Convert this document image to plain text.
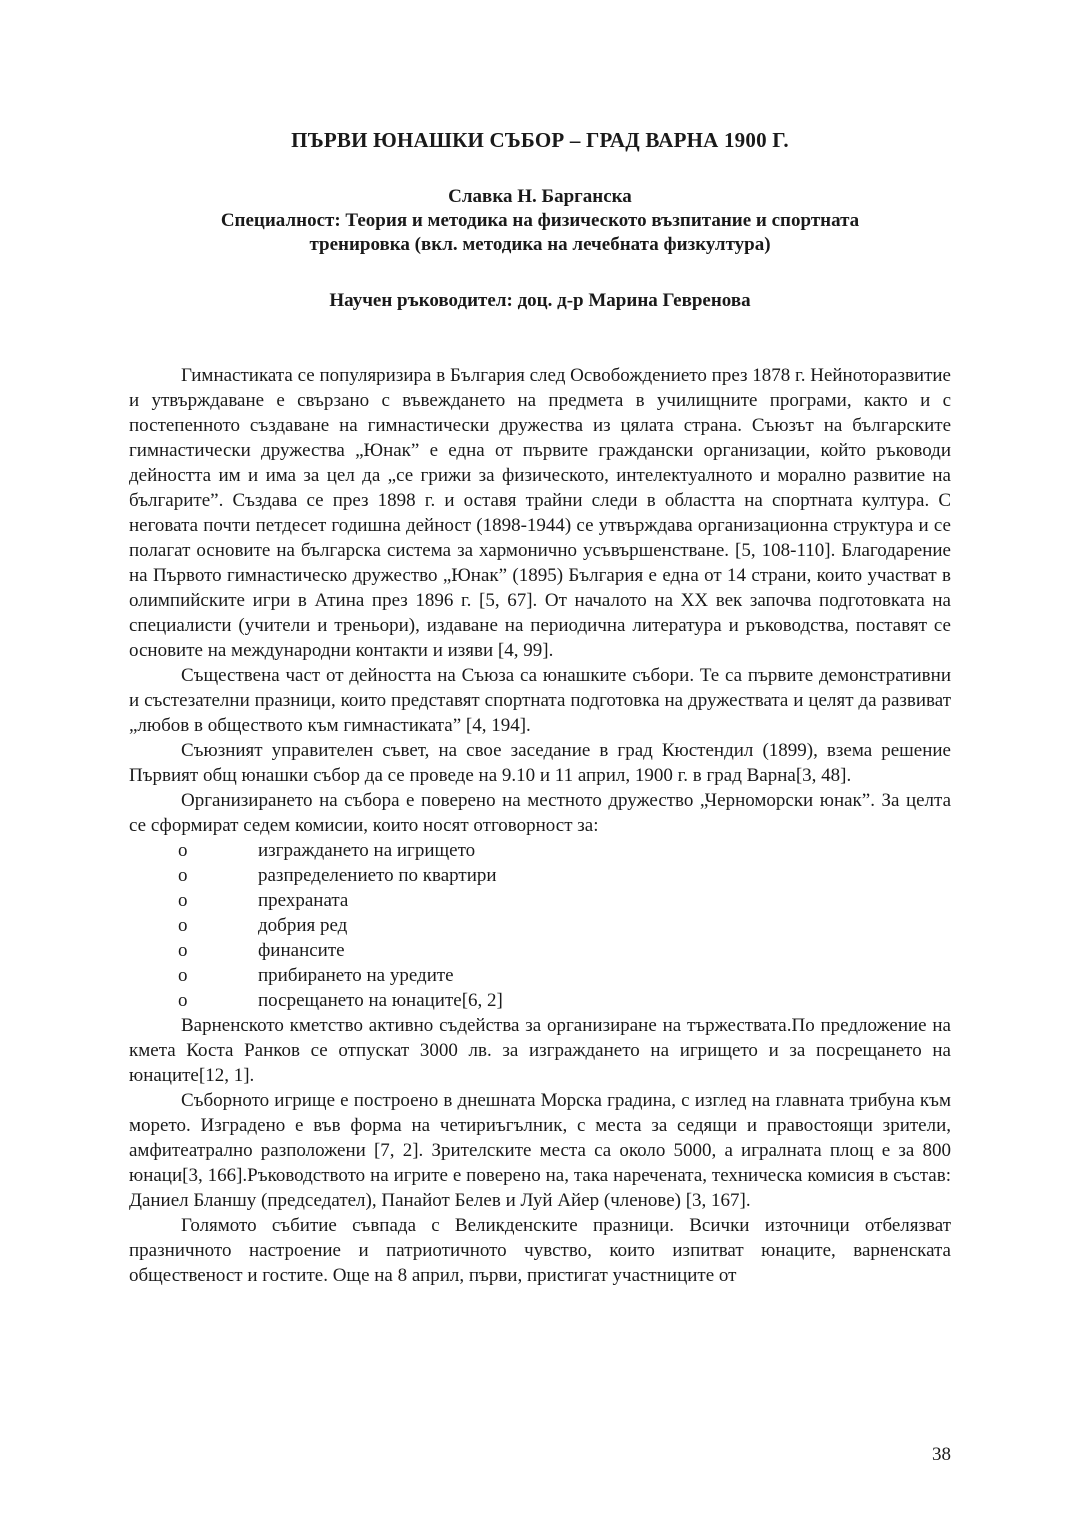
ПЪРВИ ЮНАШКИ СЪБОР – ГРАД ВАРНА 1900 Г.
Славка Н. Барганска
Специалност: Теория и методика на физическото възпитание и спортната
тренировка (вкл. методика на лечебната физкултура)
Научен ръководител: доц. д-р Марина Гевренова

Гимнастиката се популяризира в България след Освобождението през 1878 г. Нейноторазвитие и утвърждаване е свързано с въвеждането на предмета в училищните програми, както и с постепенното създаване на гимнастически дружества из цялата страна. Съюзът на българските гимнастически дружества „Юнак” е една от първите граждански организации, който ръководи дейността им и има за цел да „се грижи за физическото, интелектуалното и морално развитие на българите”. Създава се през 1898 г. и оставя трайни следи в областта на спортната култура. С неговата почти петдесет годишна дейност (1898-1944) се утвърждава организационна структура и се полагат основите на българска система за хармонично усъвършенстване. [5, 108-110]. Благодарение на Първото гимнастическо дружество „Юнак” (1895) България е една от 14 страни, които участват в олимпийските игри в Атина през 1896 г. [5, 67]. От началото на ХХ век започва подготовката на специалисти (учители и треньори), издаване на периодична литература и ръководства, поставят се основите на международни контакти и изяви [4, 99].

Съществена част от дейността на Съюза са юнашките събори. Те са първите демонстративни и състезателни празници, които представят спортната подготовка на дружествата и целят да развиват „любов в обществото към гимнастиката” [4, 194].

Съюзният управителен съвет, на свое заседание в град Кюстендил (1899), взема решение Първият общ юнашки събор да се проведе на 9.10 и 11 април, 1900 г. в град Варна[3, 48].

Организирането на събора е поверено на местното дружество „Черноморски юнак”. За целта се сформират седем комисии, които носят отговорност за:

o	изграждането на игрището
o	разпределението по квартири
o	прехраната
o	добрия ред
o	финансите
o	прибирането на уредите
o	посрещането на юнаците[6, 2]

Варненското кметство активно съдейства за организиране на тържествата.По предложение на кмета Коста Ранков се отпускат 3000 лв. за изграждането на игрището и за посрещането на юнаците[12, 1].

Съборното игрище е построено в днешната Морска градина, с изглед на главната трибуна към морето. Изградено е във форма на четириъгълник, с места за седящи и правостоящи зрители, амфитеатрално разположени [7, 2]. Зрителските места са около 5000, а игралната площ е за 800 юнаци[3, 166].Ръководството на игрите е поверено на, така наречената, техническа комисия в състав: Даниел Бланшу (председател), Панайот Белев и Луй Айер (членове) [3, 167].

Голямото събитие съвпада с Великденските празници. Всички източници отбелязват празничното настроение и патриотичното чувство, които изпитват юнаците, варненската общественост и гостите. Още на 8 април, първи, пристигат участниците от

38
